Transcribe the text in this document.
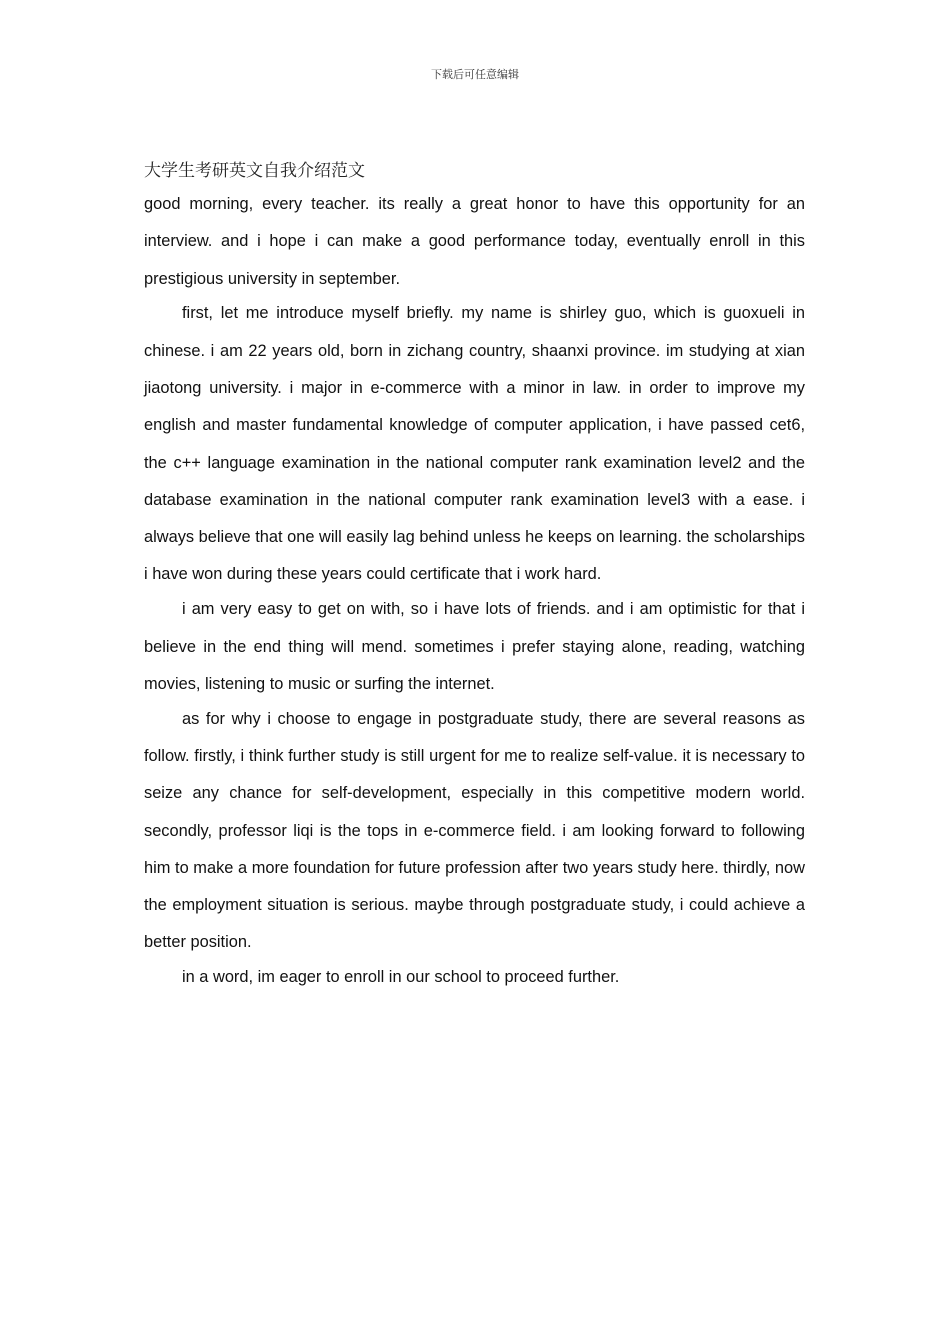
下载后可任意编辑
大学生考研英文自我介绍范文

good morning, every teacher. its really a great honor to have this opportunity for an interview. and i hope i can make a good performance today, eventually enroll in this prestigious university in september.

first, let me introduce myself briefly. my name is shirley guo, which is guoxueli in chinese. i am 22 years old, born in zichang country, shaanxi province. im studying at xian jiaotong university. i major in e-commerce with a minor in law. in order to improve my english and master fundamental knowledge of computer application, i have passed cet6, the c++ language examination in the national computer rank examination level2 and the database examination in the national computer rank examination level3 with a ease. i always believe that one will easily lag behind unless he keeps on learning. the scholarships i have won during these years could certificate that i work hard.

i am very easy to get on with, so i have lots of friends. and i am optimistic for that i believe in the end thing will mend. sometimes i prefer staying alone, reading, watching movies, listening to music or surfing the internet.

as for why i choose to engage in postgraduate study, there are several reasons as follow. firstly, i think further study is still urgent for me to realize self-value. it is necessary to seize any chance for self-development, especially in this competitive modern world. secondly, professor liqi is the tops in e-commerce field. i am looking forward to following him to make a more foundation for future profession after two years study here. thirdly, now the employment situation is serious. maybe through postgraduate study, i could achieve a better position.

in a word, im eager to enroll in our school to proceed further.
